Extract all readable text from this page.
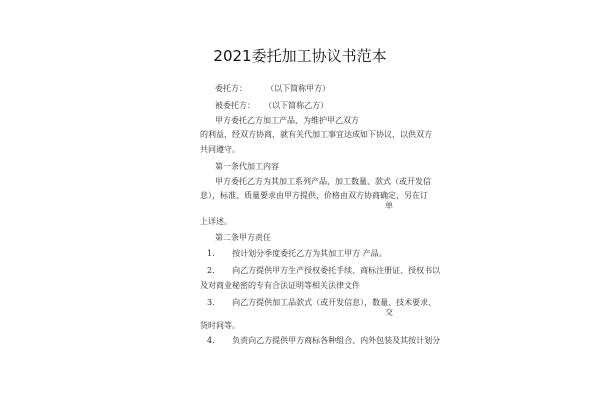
2021委托加工协议书范本
委托方： （以下简称甲方）
被委托方： （以下简称乙方）
甲方委托乙方加工产品，为维护甲乙双方
的利益，经双方协商，就有关代加工事宜达成如下协议，以供双方
共同遵守。
第一条代加工内容
甲方委托乙方为其加工系列产品，加工数量、款式（或开发信
息），标准、质量要求由甲方提供，价格由双方协商确定，另在订
单
上详述。
第二条甲方责任
1. 按计划分季度委托乙方为其加工甲方 产品。
2. 向乙方提供甲方生产授权委托手续、商标注册证、授权书以
及对商业秘密的专有合法证明等相关法律文件
3. 向乙方提供加工品款式（或开发信息），数量、技术要求、
交
货时间等。
4. 负责向乙方提供甲方商标各种组合、内外包装及其按计划分
